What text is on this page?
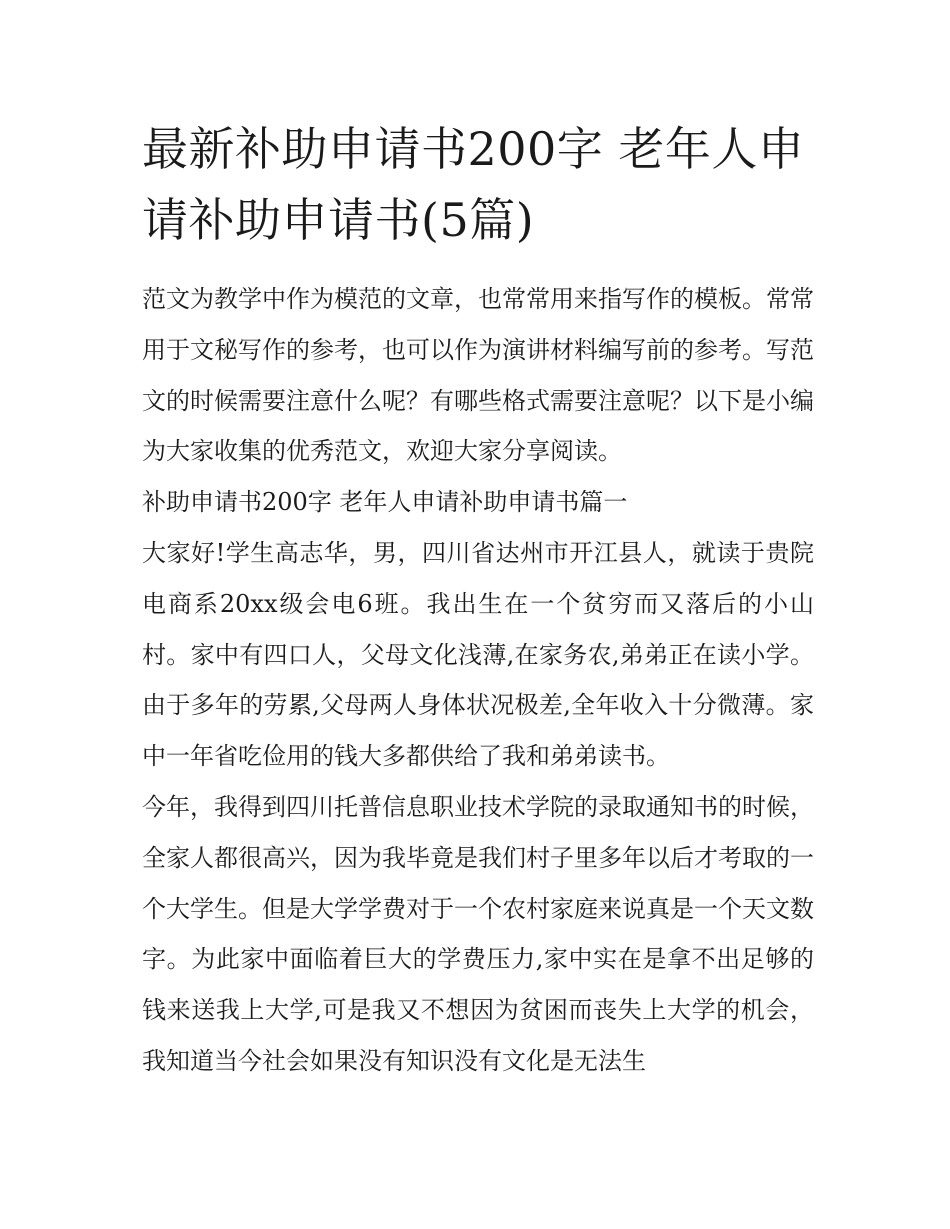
最新补助申请书200字 老年人申请补助申请书(5篇)

范文为教学中作为模范的文章，也常常用来指写作的模板。常常用于文秘写作的参考，也可以作为演讲材料编写前的参考。写范文的时候需要注意什么呢？有哪些格式需要注意呢？以下是小编为大家收集的优秀范文，欢迎大家分享阅读。

补助申请书200字 老年人申请补助申请书篇一

大家好!学生高志华，男，四川省达州市开江县人，就读于贵院电商系20xx级会电6班。我出生在一个贫穷而又落后的小山村。家中有四口人，父母文化浅薄,在家务农,弟弟正在读小学。由于多年的劳累,父母两人身体状况极差,全年收入十分微薄。家中一年省吃俭用的钱大多都供给了我和弟弟读书。

今年，我得到四川托普信息职业技术学院的录取通知书的时候，全家人都很高兴，因为我毕竟是我们村子里多年以后才考取的一个大学生。但是大学学费对于一个农村家庭来说真是一个天文数字。为此家中面临着巨大的学费压力,家中实在是拿不出足够的钱来送我上大学,可是我又不想因为贫困而丧失上大学的机会，我知道当今社会如果没有知识没有文化是无法生
